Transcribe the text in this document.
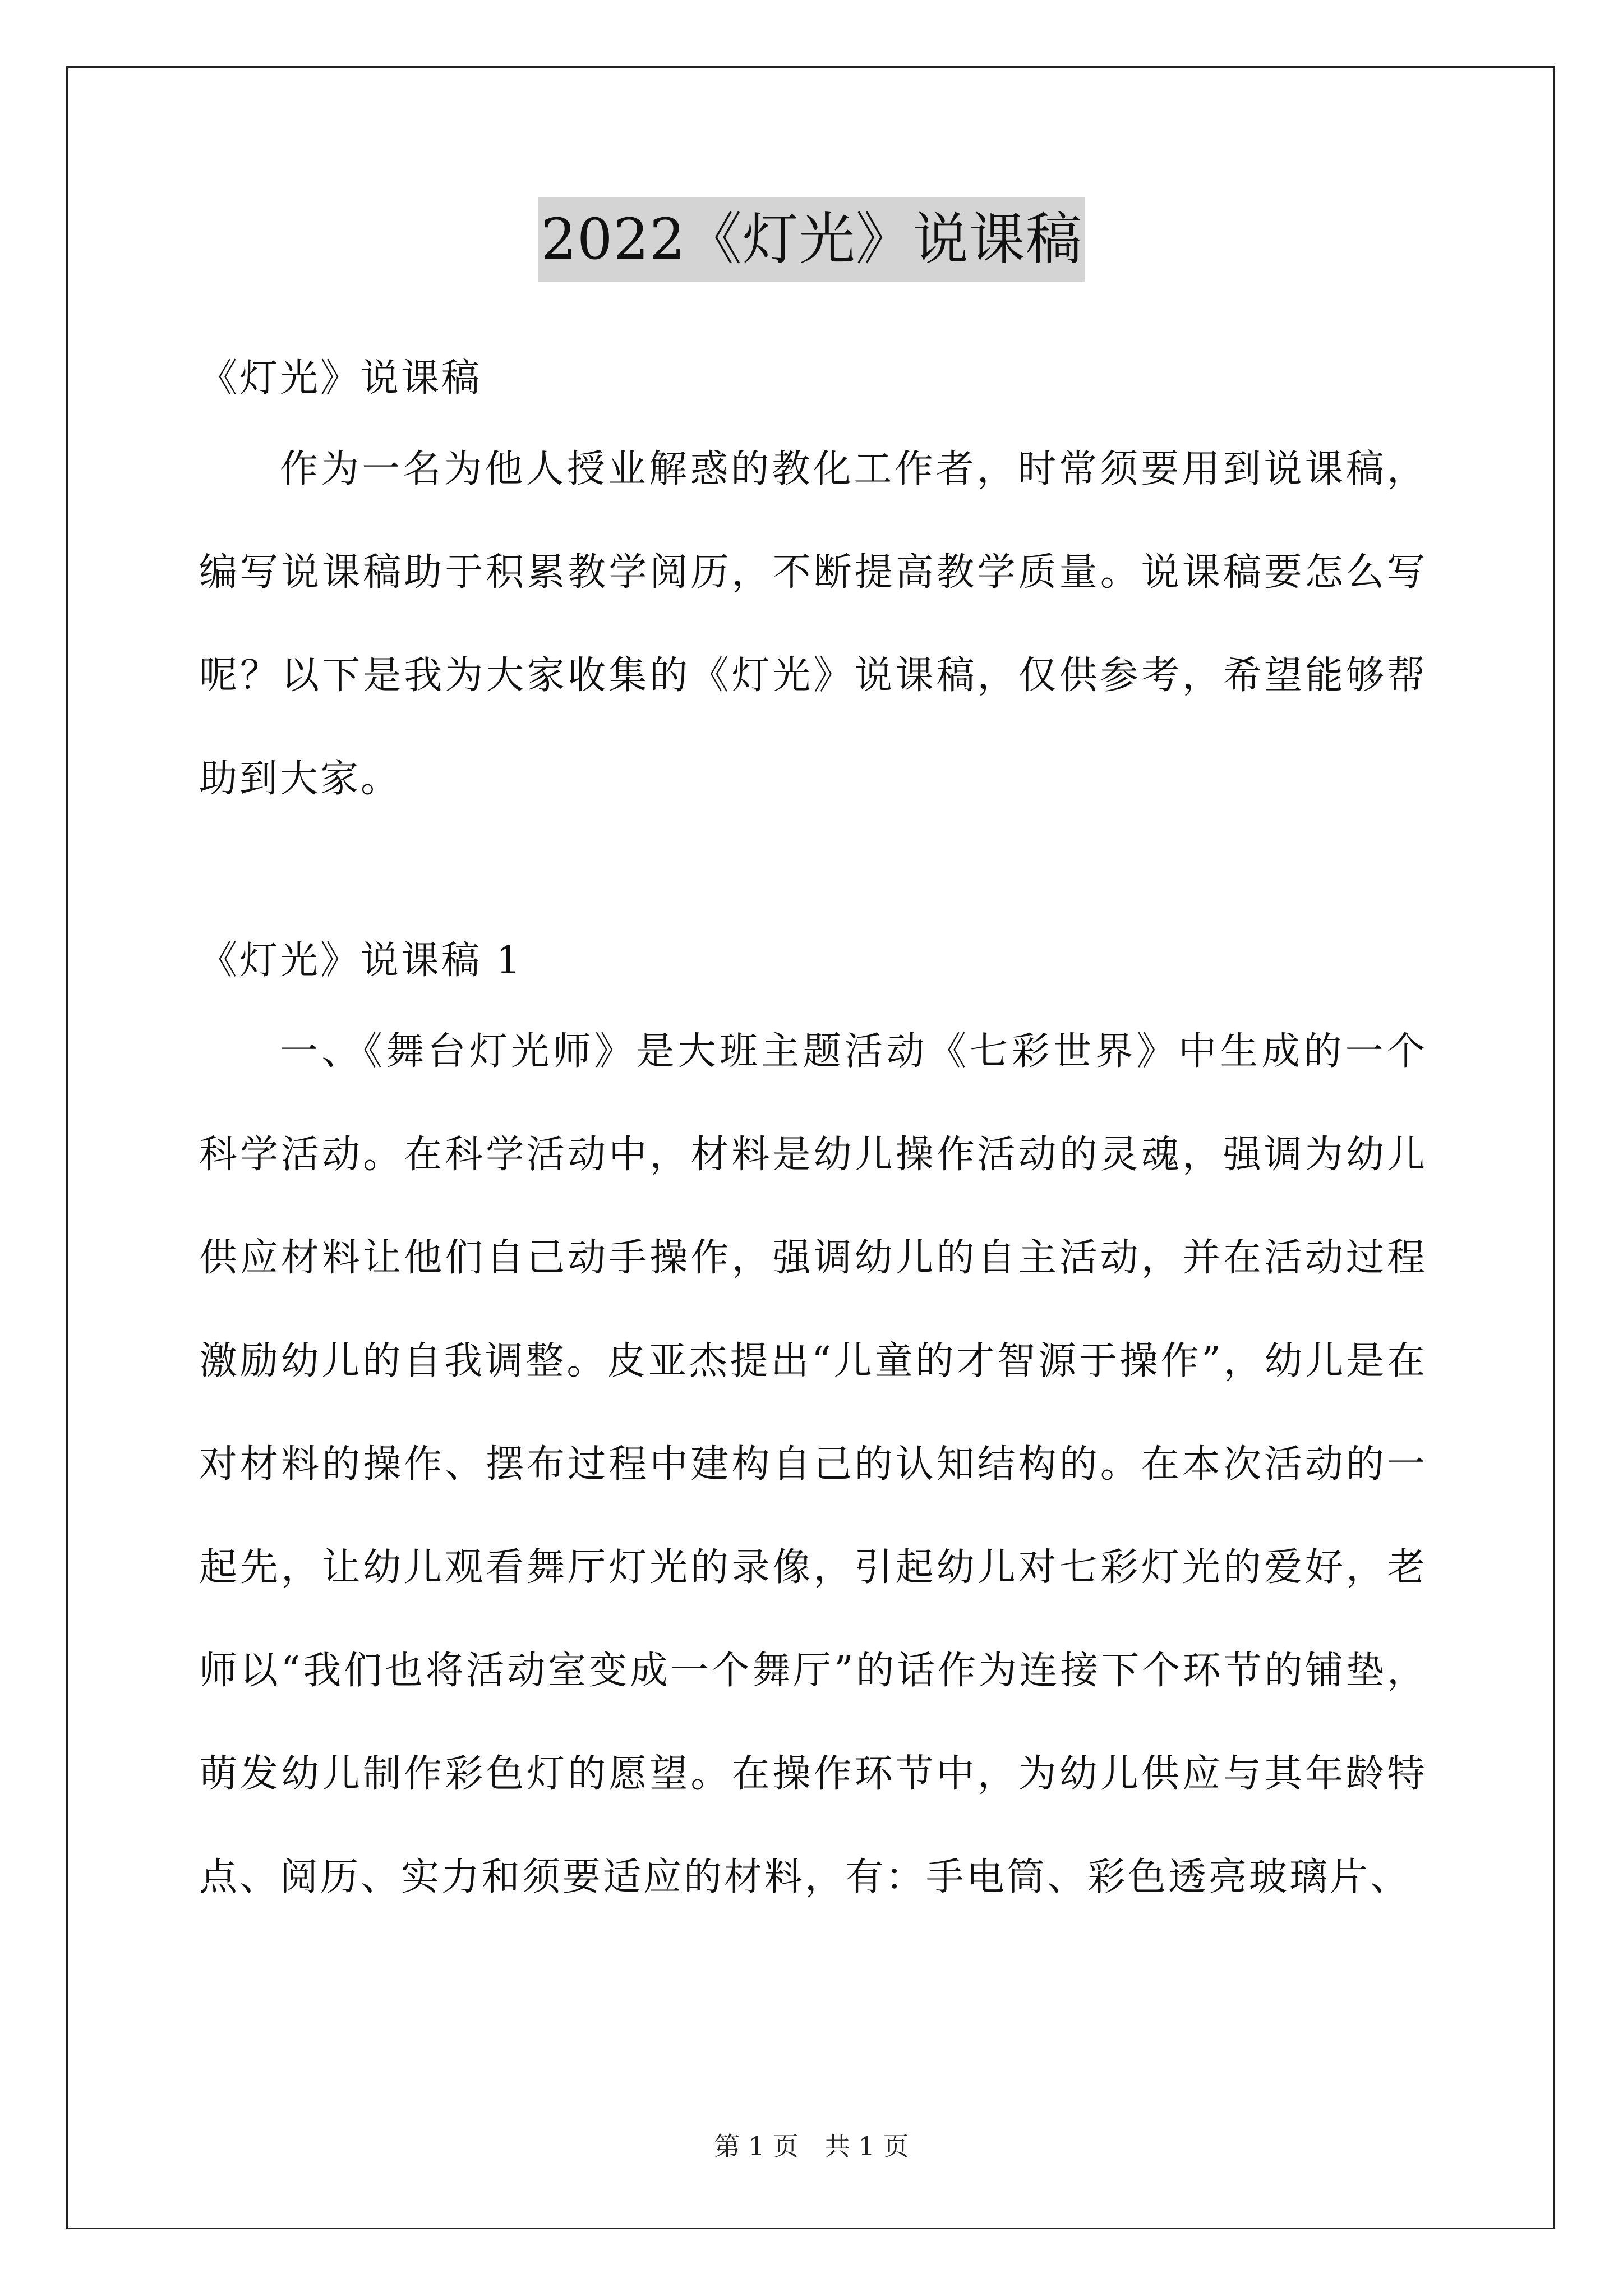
2022《灯光》说课稿

《灯光》说课稿

作为一名为他人授业解惑的教化工作者，时常须要用到说课稿，编写说课稿助于积累教学阅历，不断提高教学质量。说课稿要怎么写呢？以下是我为大家收集的《灯光》说课稿，仅供参考，希望能够帮助到大家。

《灯光》说课稿 1

一、《舞台灯光师》是大班主题活动《七彩世界》中生成的一个科学活动。在科学活动中，材料是幼儿操作活动的灵魂，强调为幼儿供应材料让他们自己动手操作，强调幼儿的自主活动，并在活动过程激励幼儿的自我调整。皮亚杰提出“儿童的才智源于操作”，幼儿是在对材料的操作、摆布过程中建构自己的认知结构的。在本次活动的一起先，让幼儿观看舞厅灯光的录像，引起幼儿对七彩灯光的爱好，老师以“我们也将活动室变成一个舞厅”的话作为连接下个环节的铺垫，萌发幼儿制作彩色灯的愿望。在操作环节中，为幼儿供应与其年龄特点、阅历、实力和须要适应的材料，有：手电筒、彩色透亮玻璃片、

第 1 页　共 1 页
